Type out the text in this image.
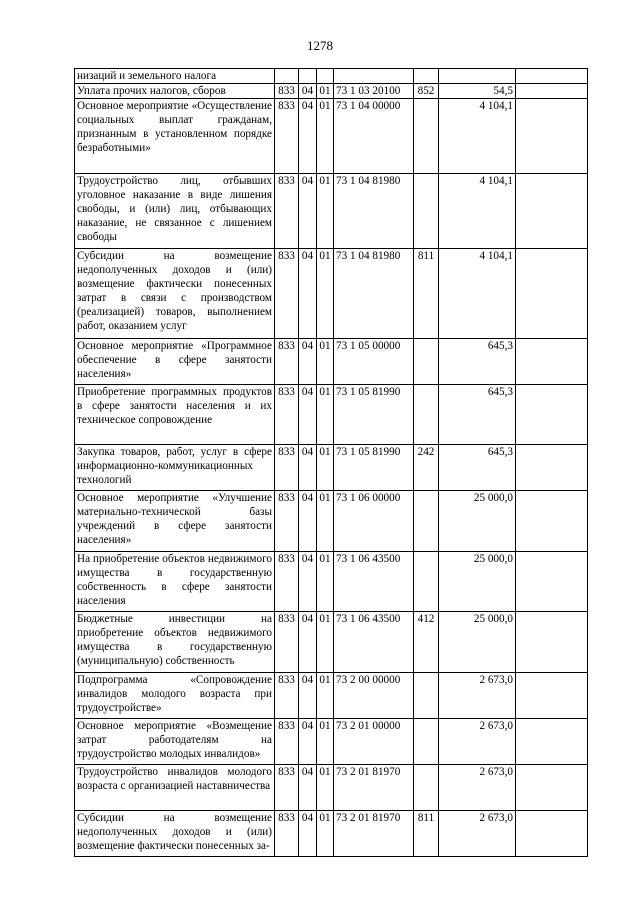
1278
низаций и земельного налога							
Уплата прочих налогов, сборов	833	04	01	73 1 03 20100	852	54,5	
Основное мероприятие «Осуществление социальных выплат гражданам, признанным в установленном порядке безработными»	833	04	01	73 1 04 00000		4 104,1	
Трудоустройство лиц, отбывших уголовное наказание в виде лишения свободы, и (или) лиц, отбывающих наказание, не связанное с лишением свободы	833	04	01	73 1 04 81980		4 104,1	
Субсидии на возмещение недополученных доходов и (или) возмещение фактически понесенных затрат в связи с производством (реализацией) товаров, выполнением работ, оказанием услуг	833	04	01	73 1 04 81980	811	4 104,1	
Основное мероприятие «Программное обеспечение в сфере занятости населения»	833	04	01	73 1 05 00000		645,3	
Приобретение программных продуктов в сфере занятости населения и их техническое сопровождение	833	04	01	73 1 05 81990		645,3	
Закупка товаров, работ, услуг в сфере информационно-коммуникационных технологий	833	04	01	73 1 05 81990	242	645,3	
Основное мероприятие «Улучшение материально-технической базы учреждений в сфере занятости населения»	833	04	01	73 1 06 00000		25 000,0	
На приобретение объектов недвижимого имущества в государственную собственность в сфере занятости населения	833	04	01	73 1 06 43500		25 000,0	
Бюджетные инвестиции на приобретение объектов недвижимого имущества в государственную (муниципальную) собственность	833	04	01	73 1 06 43500	412	25 000,0	
Подпрограмма «Сопровождение инвалидов молодого возраста при трудоустройстве»	833	04	01	73 2 00 00000		2 673,0	
Основное мероприятие «Возмещение затрат работодателям на трудоустройство молодых инвалидов»	833	04	01	73 2 01 00000		2 673,0	
Трудоустройство инвалидов молодого возраста с организацией наставничества	833	04	01	73 2 01 81970		2 673,0	
Субсидии на возмещение недополученных доходов и (или) возмещение фактически понесенных за-	833	04	01	73 2 01 81970	811	2 673,0	
